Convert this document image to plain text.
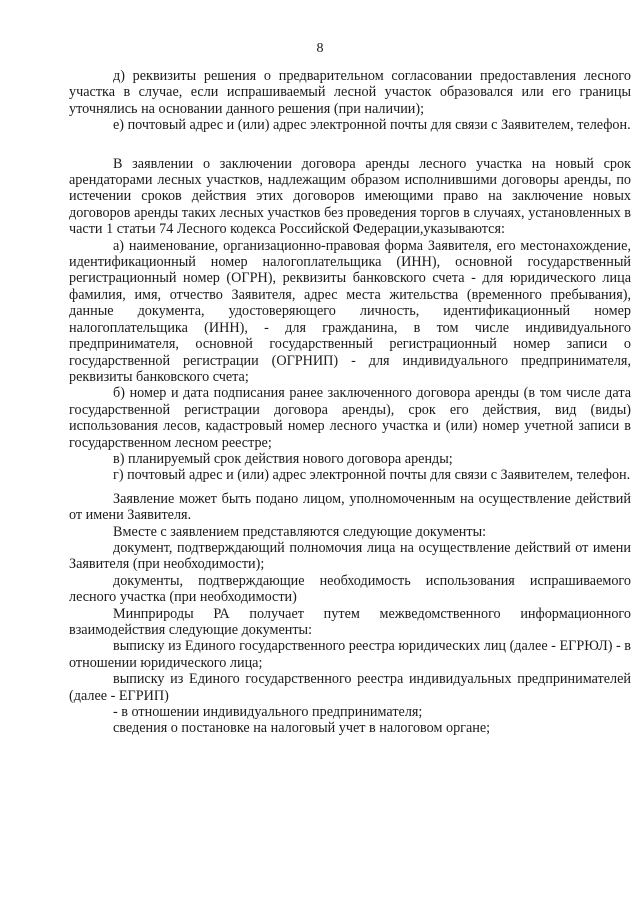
8

д) реквизиты решения о предварительном согласовании предоставления лесного участка в случае, если испрашиваемый лесной участок образовался или его границы уточнялись на основании данного решения (при наличии);

е) почтовый адрес и (или) адрес электронной почты для связи с Заявителем, телефон.

В заявлении о заключении договора аренды лесного участка на новый срок арендаторами лесных участков, надлежащим образом исполнившими договоры аренды, по истечении сроков действия этих договоров имеющими право на заключение новых договоров аренды таких лесных участков без проведения торгов в случаях, установленных в части 1 статьи 74 Лесного кодекса Российской Федерации,указываются:

а) наименование, организационно-правовая форма Заявителя, его местонахождение, идентификационный номер налогоплательщика (ИНН), основной государственный регистрационный номер (ОГРН), реквизиты банковского счета - для юридического лица фамилия, имя, отчество Заявителя, адрес места жительства (временного пребывания), данные документа, удостоверяющего личность, идентификационный номер налогоплательщика (ИНН), - для гражданина, в том числе индивидуального предпринимателя, основной государственный регистрационный номер записи о государственной регистрации (ОГРНИП) - для индивидуального предпринимателя, реквизиты банковского счета;

б) номер и дата подписания ранее заключенного договора аренды (в том числе дата государственной регистрации договора аренды), срок его действия, вид (виды) использования лесов, кадастровый номер лесного участка и (или) номер учетной записи в государственном лесном реестре;

в) планируемый срок действия нового договора аренды;

г) почтовый адрес и (или) адрес электронной почты для связи с Заявителем, телефон.

Заявление может быть подано лицом, уполномоченным на осуществление действий от имени Заявителя.

Вместе с заявлением представляются следующие документы:

документ, подтверждающий полномочия лица на осуществление действий от имени Заявителя (при необходимости);

документы, подтверждающие необходимость использования испрашиваемого лесного участка (при необходимости)

Минприроды РА получает путем межведомственного информационного взаимодействия следующие документы:

выписку из Единого государственного реестра юридических лиц (далее - ЕГРЮЛ) - в отношении юридического лица;

выписку из Единого государственного реестра индивидуальных предпринимателей (далее - ЕГРИП)

- в отношении индивидуального предпринимателя;

сведения о постановке на налоговый учет в налоговом органе;
